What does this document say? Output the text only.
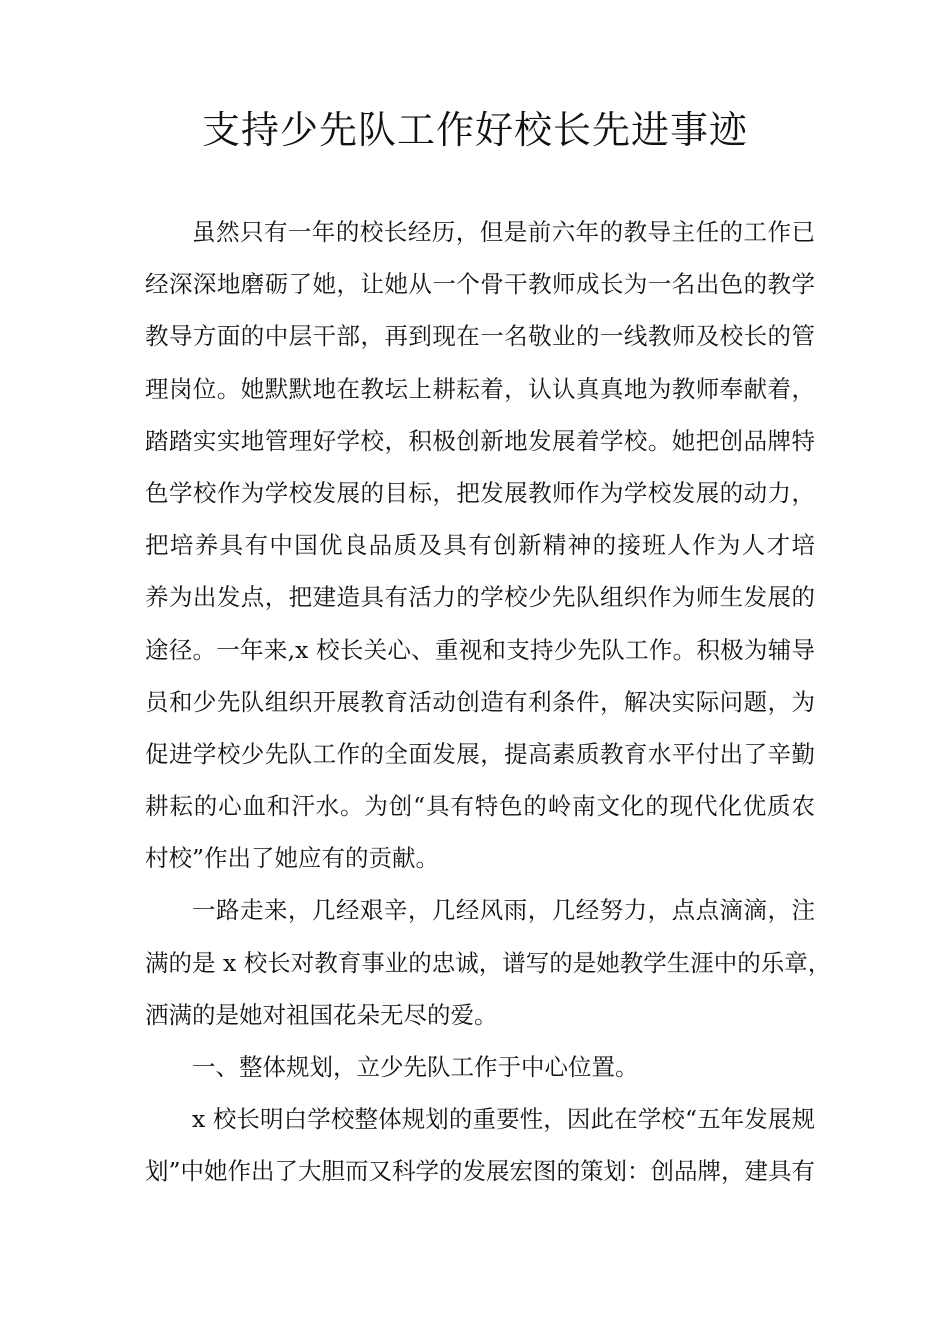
支持少先队工作好校长先进事迹
虽然只有一年的校长经历，但是前六年的教导主任的工作已
经深深地磨砺了她，让她从一个骨干教师成长为一名出色的教学
教导方面的中层干部，再到现在一名敬业的一线教师及校长的管
理岗位。她默默地在教坛上耕耘着，认认真真地为教师奉献着，
踏踏实实地管理好学校，积极创新地发展着学校。她把创品牌特
色学校作为学校发展的目标，把发展教师作为学校发展的动力，
把培养具有中国优良品质及具有创新精神的接班人作为人才培
养为出发点，把建造具有活力的学校少先队组织作为师生发展的
途径。一年来,x 校长关心、重视和支持少先队工作。积极为辅导
员和少先队组织开展教育活动创造有利条件，解决实际问题，为
促进学校少先队工作的全面发展，提高素质教育水平付出了辛勤
耕耘的心血和汗水。为创“具有特色的岭南文化的现代化优质农
村校”作出了她应有的贡献。
一路走来，几经艰辛，几经风雨，几经努力，点点滴滴，注
满的是 x 校长对教育事业的忠诚，谱写的是她教学生涯中的乐章，
洒满的是她对祖国花朵无尽的爱。
一、整体规划，立少先队工作于中心位置。
x 校长明白学校整体规划的重要性，因此在学校“五年发展规
划”中她作出了大胆而又科学的发展宏图的策划：创品牌，建具有
